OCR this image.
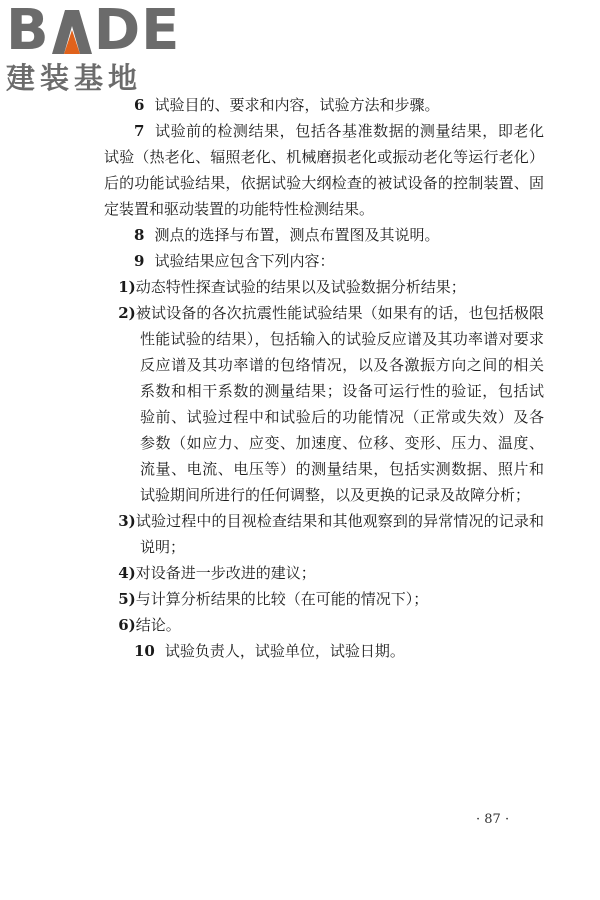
B DE
建装基地

6 试验目的、要求和内容，试验方法和步骤。

7 试验前的检测结果，包括各基准数据的测量结果，即老化试验（热老化、辐照老化、机械磨损老化或振动老化等运行老化）后的功能试验结果，依据试验大纲检查的被试设备的控制装置、固定装置和驱动装置的功能特性检测结果。

8 测点的选择与布置，测点布置图及其说明。

9 试验结果应包含下列内容：

1)动态特性探查试验的结果以及试验数据分析结果；

2)被试设备的各次抗震性能试验结果（如果有的话，也包括极限性能试验的结果），包括输入的试验反应谱及其功率谱对要求反应谱及其功率谱的包络情况，以及各激振方向之间的相关系数和相干系数的测量结果；设备可运行性的验证，包括试验前、试验过程中和试验后的功能情况（正常或失效）及各参数（如应力、应变、加速度、位移、变形、压力、温度、流量、电流、电压等）的测量结果，包括实测数据、照片和试验期间所进行的任何调整，以及更换的记录及故障分析；

3)试验过程中的目视检查结果和其他观察到的异常情况的记录和说明；

4)对设备进一步改进的建议；

5)与计算分析结果的比较（在可能的情况下）；

6)结论。

10 试验负责人，试验单位，试验日期。

· 87 ·
